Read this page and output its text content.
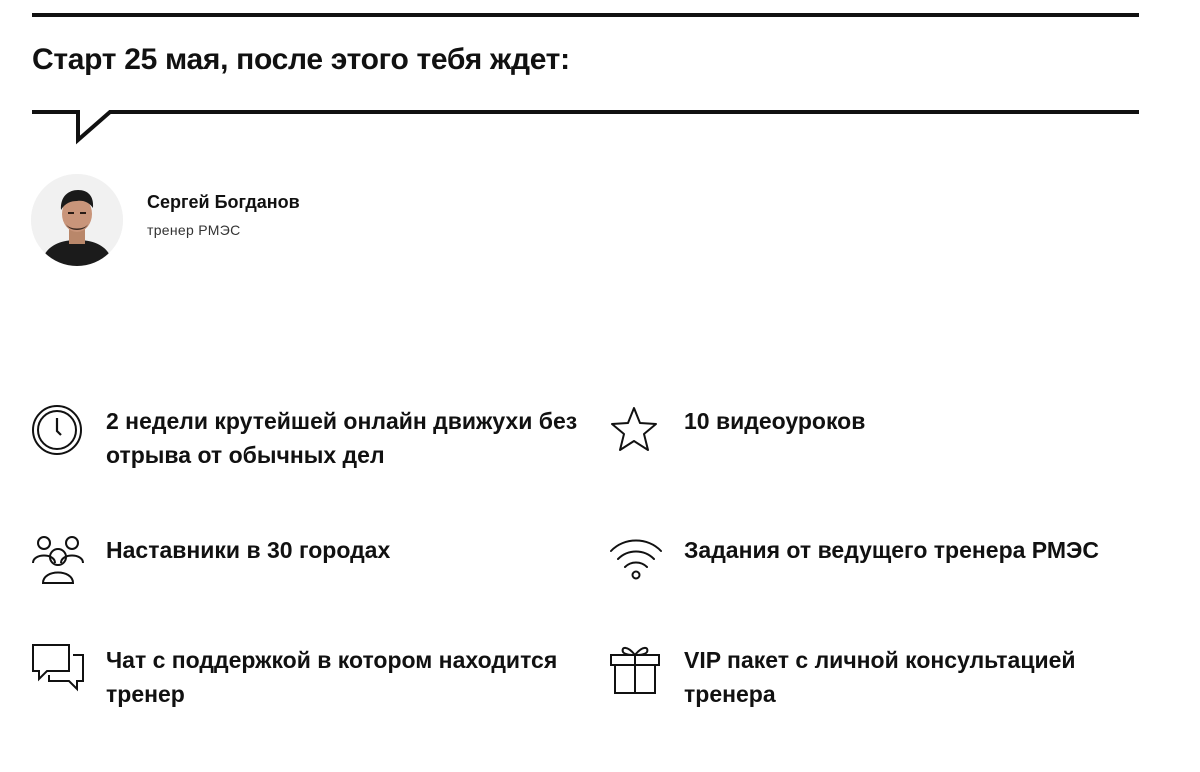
Старт 25 мая, после этого тебя ждет:
Сергей Богданов
тренер РМЭС
2 недели крутейшей онлайн движухи без отрыва от обычных дел
10 видеоуроков
Наставники в 30 городах	Задания от ведущего тренера РМЭС
Чат с поддержкой в котором находится тренер
VIP пакет с личной консультацией тренера
